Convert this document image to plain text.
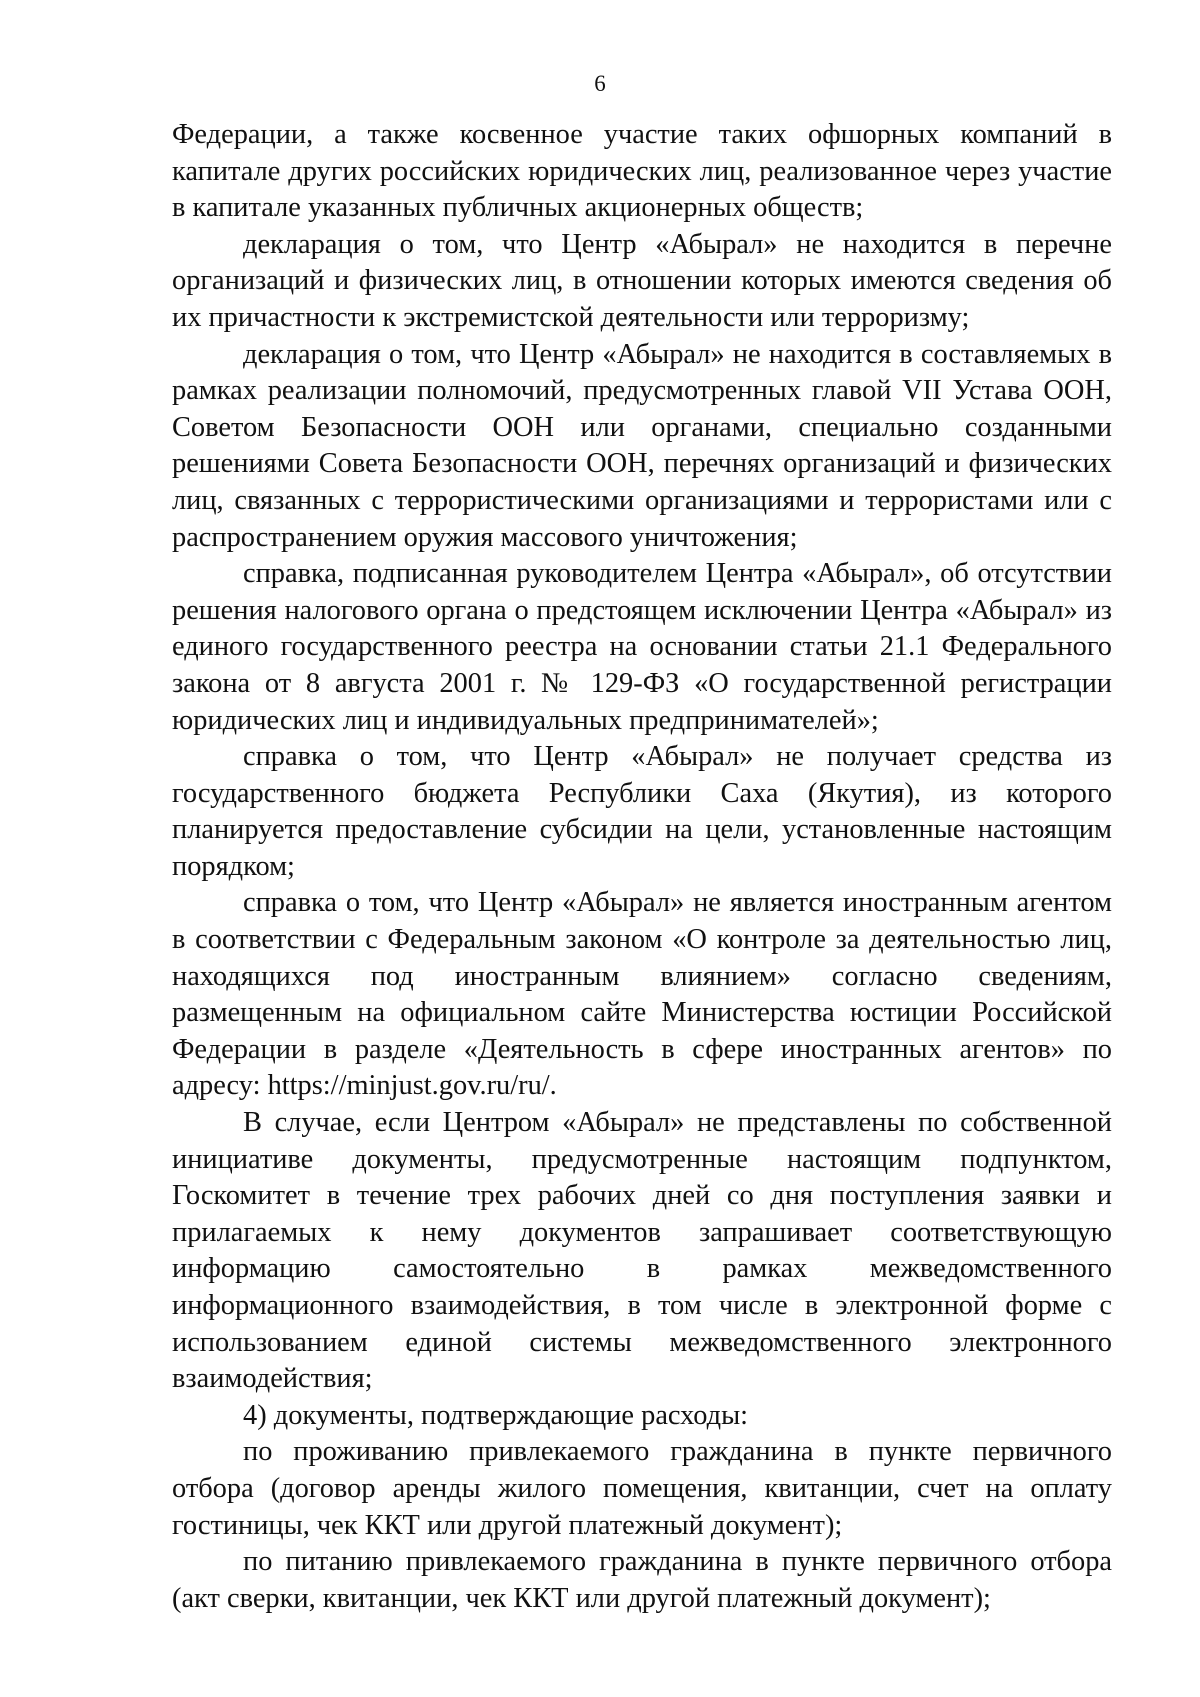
6

Федерации, а также косвенное участие таких офшорных компаний в капитале других российских юридических лиц, реализованное через участие в капитале указанных публичных акционерных обществ;

декларация о том, что Центр «Абырал» не находится в перечне организаций и физических лиц, в отношении которых имеются сведения об их причастности к экстремистской деятельности или терроризму;

декларация о том, что Центр «Абырал» не находится в составляемых в рамках реализации полномочий, предусмотренных главой VII Устава ООН, Советом Безопасности ООН или органами, специально созданными решениями Совета Безопасности ООН, перечнях организаций и физических лиц, связанных с террористическими организациями и террористами или с распространением оружия массового уничтожения;

справка, подписанная руководителем Центра «Абырал», об отсутствии решения налогового органа о предстоящем исключении Центра «Абырал» из единого государственного реестра на основании статьи 21.1 Федерального закона от 8 августа 2001 г. № 129-ФЗ «О государственной регистрации юридических лиц и индивидуальных предпринимателей»;

справка о том, что Центр «Абырал» не получает средства из государственного бюджета Республики Саха (Якутия), из которого планируется предоставление субсидии на цели, установленные настоящим порядком;

справка о том, что Центр «Абырал» не является иностранным агентом в соответствии с Федеральным законом «О контроле за деятельностью лиц, находящихся под иностранным влиянием» согласно сведениям, размещенным на официальном сайте Министерства юстиции Российской Федерации в разделе «Деятельность в сфере иностранных агентов» по адресу: https://minjust.gov.ru/ru/.

В случае, если Центром «Абырал» не представлены по собственной инициативе документы, предусмотренные настоящим подпунктом, Госкомитет в течение трех рабочих дней со дня поступления заявки и прилагаемых к нему документов запрашивает соответствующую информацию самостоятельно в рамках межведомственного информационного взаимодействия, в том числе в электронной форме с использованием единой системы межведомственного электронного взаимодействия;

4) документы, подтверждающие расходы:

по проживанию привлекаемого гражданина в пункте первичного отбора (договор аренды жилого помещения, квитанции, счет на оплату гостиницы, чек ККТ или другой платежный документ);

по питанию привлекаемого гражданина в пункте первичного отбора (акт сверки, квитанции, чек ККТ или другой платежный документ);
